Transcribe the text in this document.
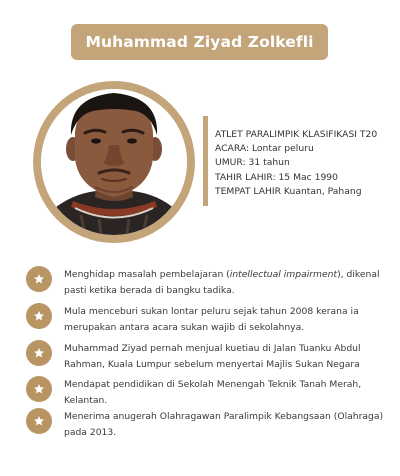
Muhammad Ziyad Zolkefli
ATLET PARALIMPIK KLASIFIKASI T20
ACARA: Lontar peluru
UMUR: 31 tahun
TAHIR LAHIR: 15 Mac 1990
TEMPAT LAHIR Kuantan, Pahang
Menghidap masalah pembelajaran (intellectual impairment), dikenal pasti ketika berada di bangku tadika.
Mula menceburi sukan lontar peluru sejak tahun 2008 kerana ia merupakan antara acara sukan wajib di sekolahnya.
Muhammad Ziyad pernah menjual kuetiau di Jalan Tuanku Abdul Rahman, Kuala Lumpur sebelum menyertai Majlis Sukan Negara
Mendapat pendidikan di Sekolah Menengah Teknik Tanah Merah, Kelantan.
Menerima anugerah Olahragawan Paralimpik Kebangsaan (Olahraga) pada 2013.
